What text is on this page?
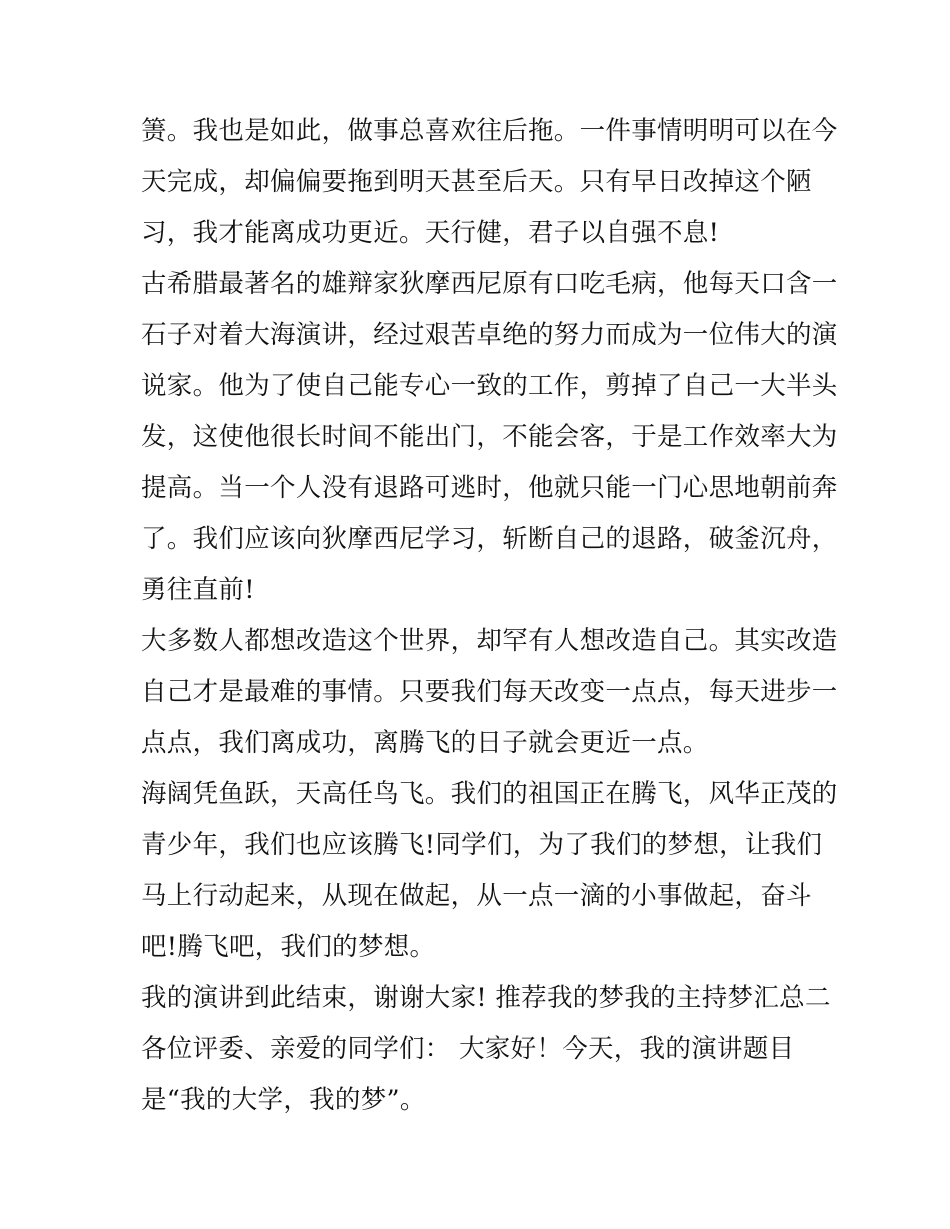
箦。我也是如此，做事总喜欢往后拖。一件事情明明可以在今
天完成，却偏偏要拖到明天甚至后天。只有早日改掉这个陋
习，我才能离成功更近。天行健，君子以自强不息!
古希腊最著名的雄辩家狄摩西尼原有口吃毛病，他每天口含一
石子对着大海演讲，经过艰苦卓绝的努力而成为一位伟大的演
说家。他为了使自己能专心一致的工作，剪掉了自己一大半头
发，这使他很长时间不能出门，不能会客，于是工作效率大为
提高。当一个人没有退路可逃时，他就只能一门心思地朝前奔
了。我们应该向狄摩西尼学习，斩断自己的退路，破釜沉舟，
勇往直前!
大多数人都想改造这个世界，却罕有人想改造自己。其实改造
自己才是最难的事情。只要我们每天改变一点点，每天进步一
点点，我们离成功，离腾飞的日子就会更近一点。
海阔凭鱼跃，天高任鸟飞。我们的祖国正在腾飞，风华正茂的
青少年，我们也应该腾飞!同学们，为了我们的梦想，让我们
马上行动起来，从现在做起，从一点一滴的小事做起，奋斗
吧!腾飞吧，我们的梦想。
我的演讲到此结束，谢谢大家! 推荐我的梦我的主持梦汇总二
各位评委、亲爱的同学们： 大家好！今天，我的演讲题目
是“我的大学，我的梦”。
